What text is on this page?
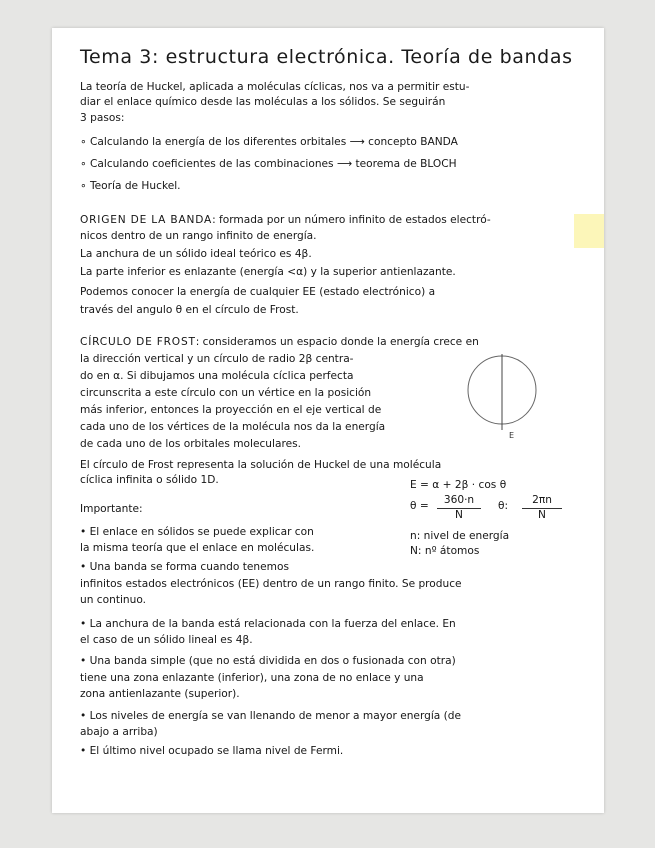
Tema 3: estructura electrónica. Teoría de bandas
La teoría de Huckel, aplicada a moléculas cíclicas, nos va a permitir estu-
diar el enlace químico desde las moléculas a los sólidos. Se seguirán
3 pasos:
∘ Calculando la energía de los diferentes orbitales ⟶ concepto BANDA
∘ Calculando coeficientes de las combinaciones ⟶ teorema de BLOCH
∘ Teoría de Huckel.
ORIGEN DE LA BANDA: formada por un número infinito de estados electró-
nicos dentro de un rango infinito de energía.
La anchura de un sólido ideal teórico es 4β.
La parte inferior es enlazante (energía <α) y la superior antienlazante.
Podemos conocer la energía de cualquier EE (estado electrónico) a
través del angulo θ en el círculo de Frost.
CÍRCULO DE FROST: consideramos un espacio donde la energía crece en
la dirección vertical y un círculo de radio 2β centra-
do en α. Si dibujamos una molécula cíclica perfecta
circunscrita a este círculo con un vértice en la posición
más inferior, entonces la proyección en el eje vertical de
cada uno de los vértices de la molécula nos da la energía
de cada uno de los orbitales moleculares.
E
El círculo de Frost representa la solución de Huckel de una molécula
cíclica infinita o sólido 1D.	E = α + 2β · cos θ
θ =	360·n
N
θ:	2πn
N
n: nivel de energía
N: nº átomos
Importante:
• El enlace en sólidos se puede explicar con
la misma teoría que el enlace en moléculas.
• Una banda se forma cuando tenemos
infinitos estados electrónicos (EE) dentro de un rango finito. Se produce
un continuo.
• La anchura de la banda está relacionada con la fuerza del enlace. En
el caso de un sólido lineal es 4β.
• Una banda simple (que no está dividida en dos o fusionada con otra)
tiene una zona enlazante (inferior), una zona de no enlace y una
zona antienlazante (superior).
• Los niveles de energía se van llenando de menor a mayor energía (de
abajo a arriba)
• El último nivel ocupado se llama nivel de Fermi.
